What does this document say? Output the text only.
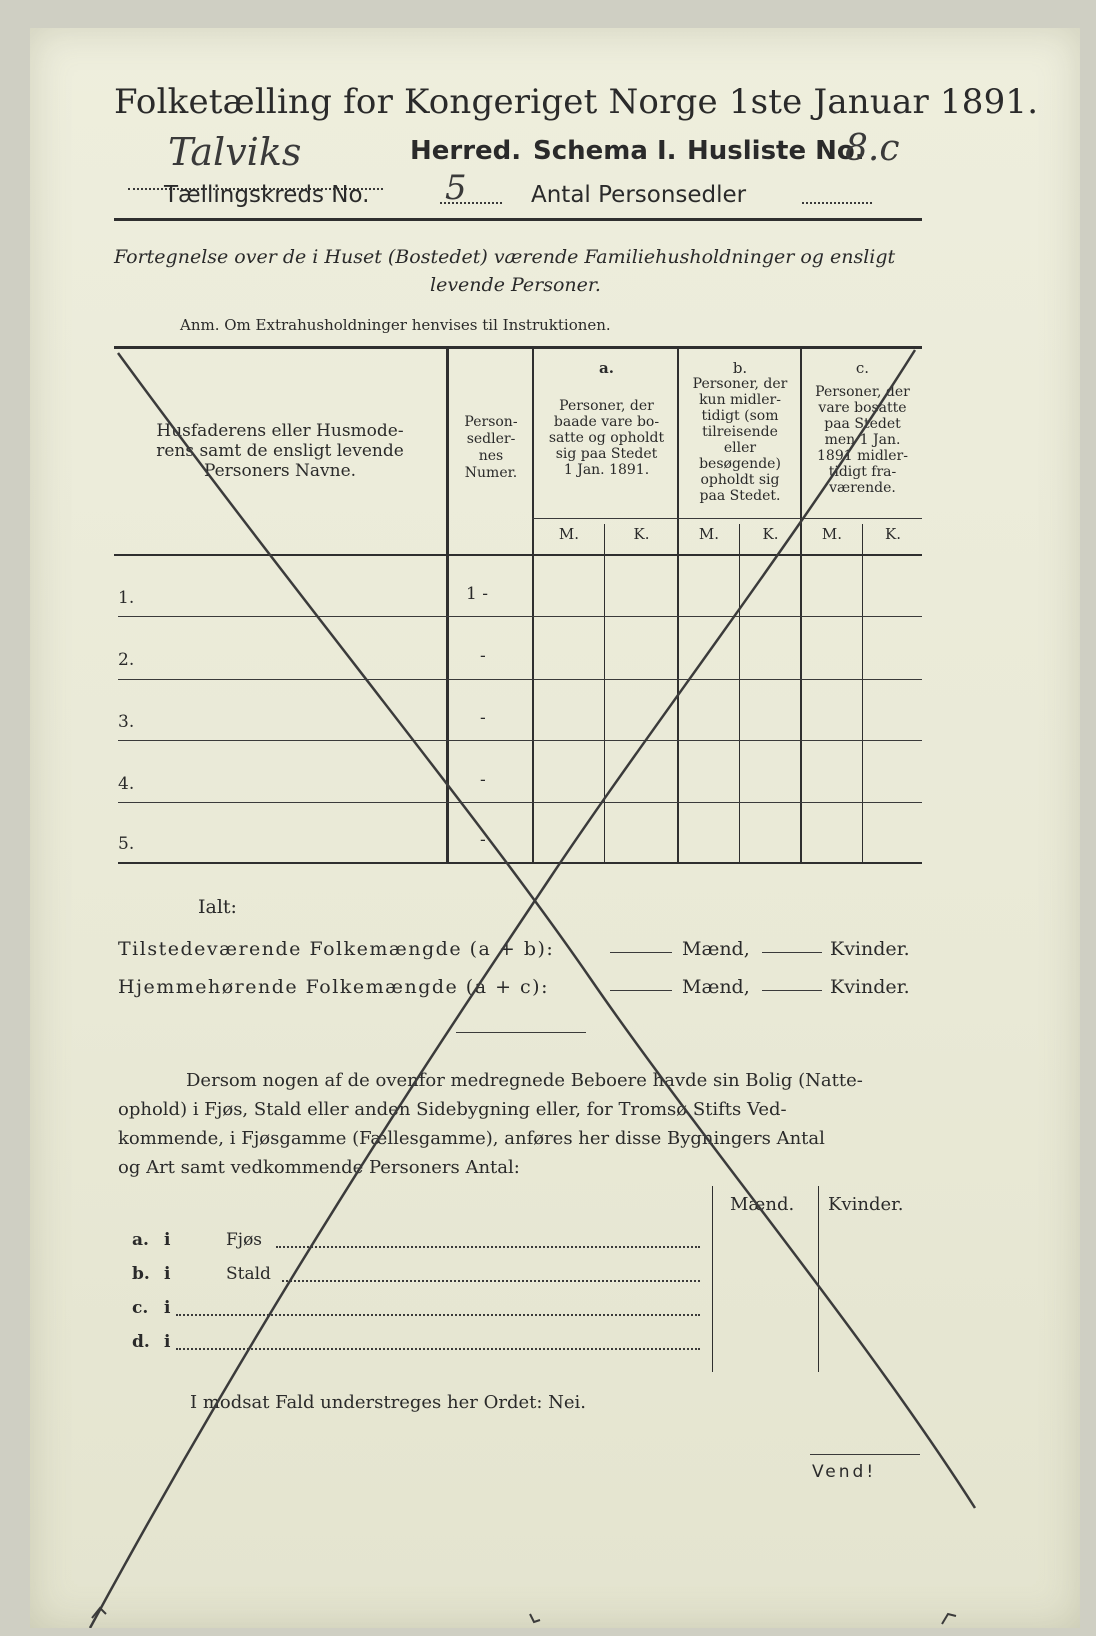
Folketælling for Kongeriget Norge 1ste Januar 1891.
Talviks	Herred. Schema I. Husliste No.
8.c
Tællingskreds No. 5	Antal Personsedler
Fortegnelse over de i Huset (Bostedet) værende Familiehusholdninger og ensligt
levende Personer.
Anm. Om Extrahusholdninger henvises til Instruktionen.
Husfaderens eller Husmode-
rens samt de ensligt levende
Personers Navne.
Person-
sedler-
nes
Numer.
a.
Personer, der
baade vare bo-
satte og opholdt
sig paa Stedet
1 Jan. 1891.
b.
Personer, der
kun midler-
tidigt (som
tilreisende
eller
besøgende)
opholdt sig
paa Stedet.
c.
Personer, der
vare bosatte
paa Stedet
men 1 Jan.
1891 midler-
tidigt fra-
værende.
M.	K.	M.	K.	M.	K.
1.	1 -
2.	-
3.	-
4.	-
5.	-
Ialt:
Tilstedeværende Folkemængde (a + b):	Mænd,	Kvinder.
Hjemmehørende Folkemængde (a + c):	Mænd,	Kvinder.
Dersom nogen af de ovenfor medregnede Beboere havde sin Bolig (Natte-
ophold) i Fjøs, Stald eller anden Sidebygning eller, for Tromsø Stifts Ved-
kommende, i Fjøsgamme (Fællesgamme), anføres her disse Bygningers Antal
og Art samt vedkommende Personers Antal:
Mænd. Kvinder.
a. i	Fjøs
b. i	Stald
c. i
d. i
I modsat Fald understreges her Ordet: Nei.
Vend!
